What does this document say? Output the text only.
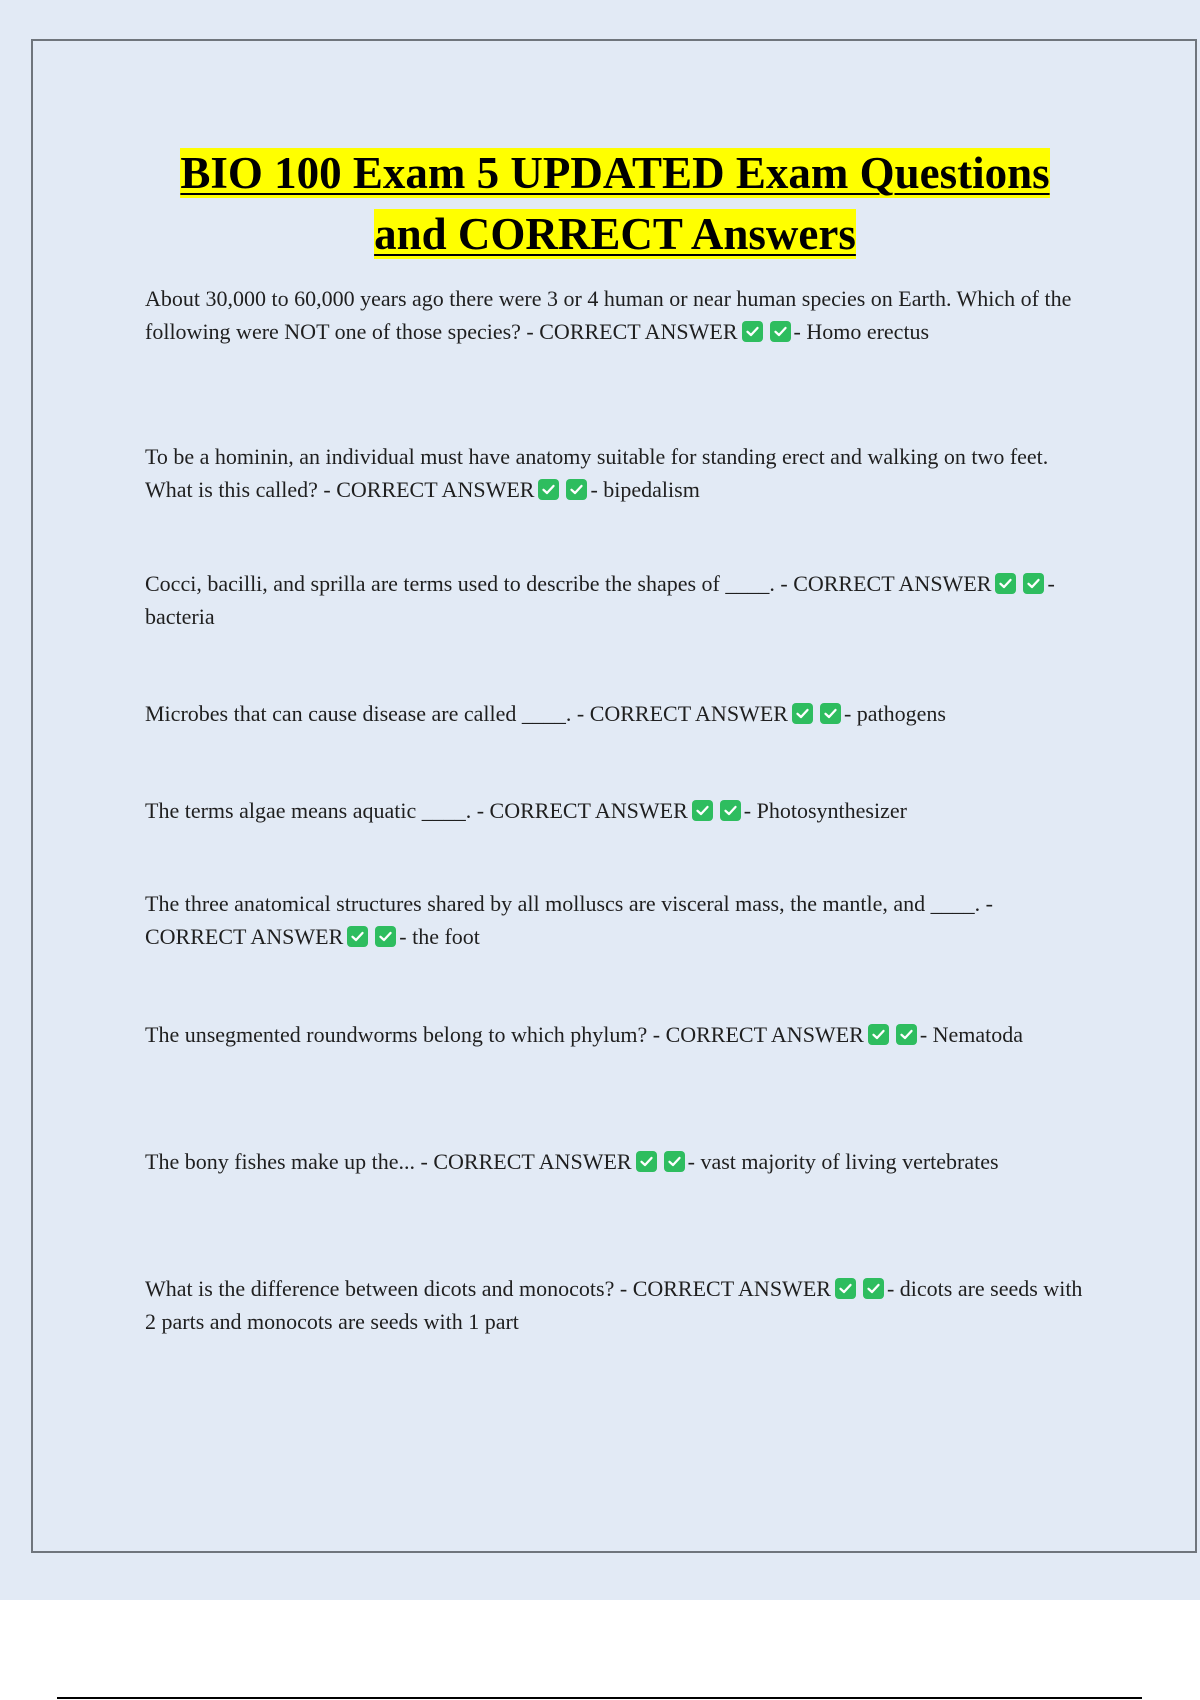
BIO 100 Exam 5 UPDATED Exam Questions
and CORRECT Answers

About 30,000 to 60,000 years ago there were 3 or 4 human or near human species on Earth. Which of the following were NOT one of those species? - CORRECT ANSWER	- Homo erectus

To be a hominin, an individual must have anatomy suitable for standing erect and walking on two feet. What is this called? - CORRECT ANSWER	- bipedalism

Cocci, bacilli, and sprilla are terms used to describe the shapes of ____. - CORRECT ANSWER	- bacteria

Microbes that can cause disease are called ____. - CORRECT ANSWER	- pathogens

The terms algae means aquatic ____. - CORRECT ANSWER	- Photosynthesizer

The three anatomical structures shared by all molluscs are visceral mass, the mantle, and ____. - CORRECT ANSWER	- the foot

The unsegmented roundworms belong to which phylum? - CORRECT ANSWER	- Nematoda

The bony fishes make up the... - CORRECT ANSWER	- vast majority of living vertebrates

What is the difference between dicots and monocots? - CORRECT ANSWER	- dicots are seeds with 2 parts and monocots are seeds with 1 part
